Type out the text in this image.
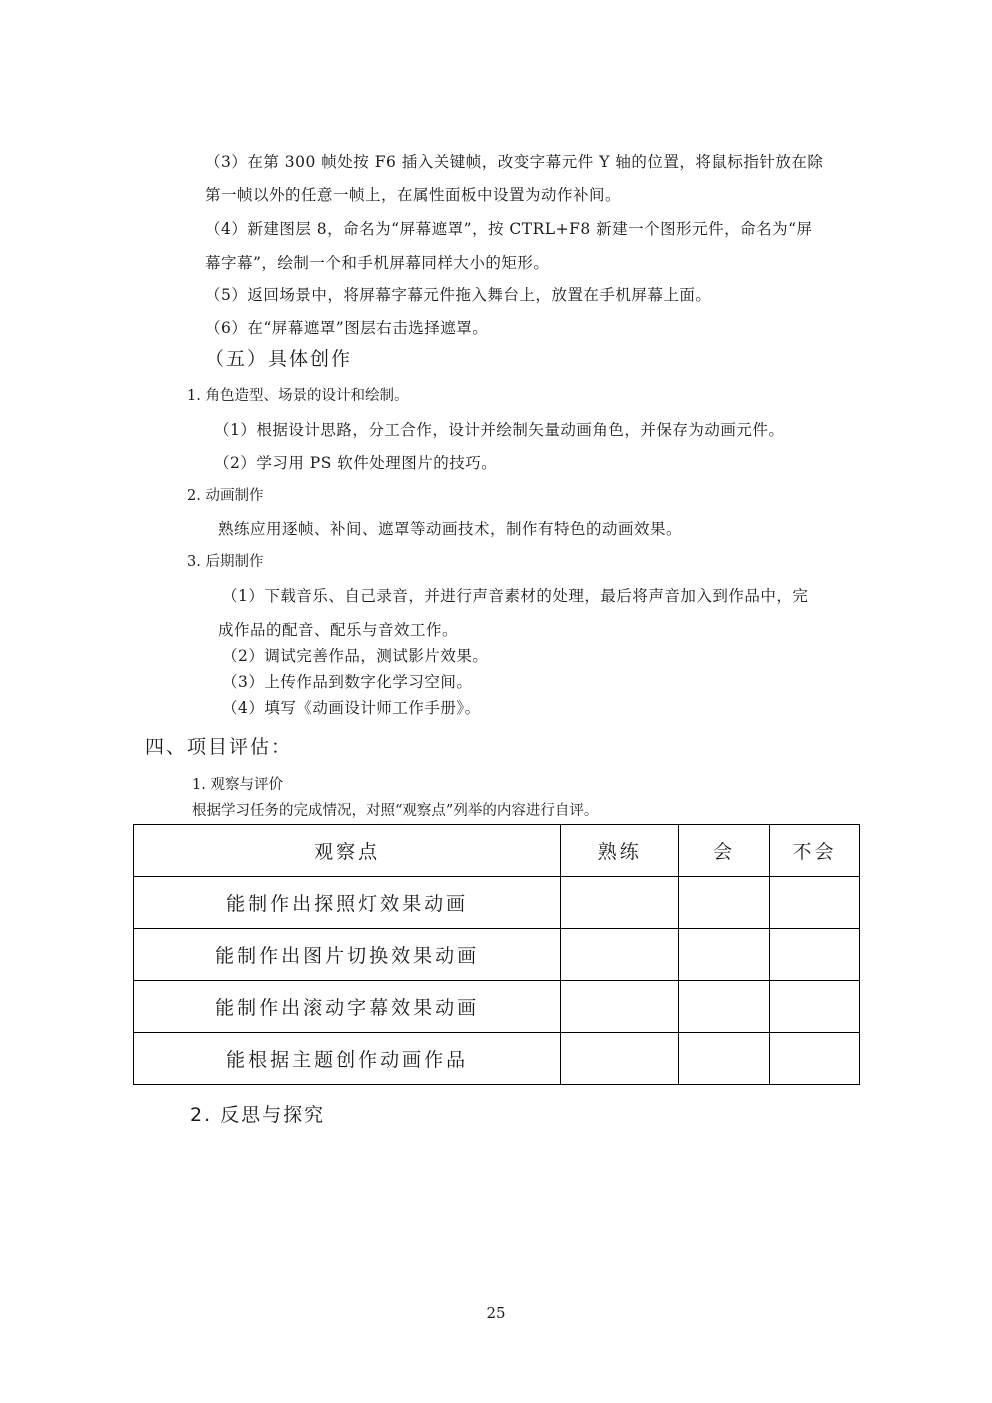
（3）在第 300 帧处按 F6 插入关键帧，改变字幕元件 Y 轴的位置，将鼠标指针放在除
第一帧以外的任意一帧上，在属性面板中设置为动作补间。
（4）新建图层 8，命名为“屏幕遮罩”，按 CTRL+F8 新建一个图形元件，命名为“屏
幕字幕”，绘制一个和手机屏幕同样大小的矩形。
（5）返回场景中，将屏幕字幕元件拖入舞台上，放置在手机屏幕上面。
（6）在“屏幕遮罩”图层右击选择遮罩。
（五）具体创作
1. 角色造型、场景的设计和绘制。
（1）根据设计思路，分工合作，设计并绘制矢量动画角色，并保存为动画元件。
（2）学习用 PS 软件处理图片的技巧。
2. 动画制作
熟练应用逐帧、补间、遮罩等动画技术，制作有特色的动画效果。
3. 后期制作
（1）下载音乐、自己录音，并进行声音素材的处理，最后将声音加入到作品中，完
成作品的配音、配乐与音效工作。
（2）调试完善作品，测试影片效果。
（3）上传作品到数字化学习空间。
（4）填写《动画设计师工作手册》。
四、项目评估：
1. 观察与评价
根据学习任务的完成情况，对照“观察点”列举的内容进行自评。
观察点	熟练	会	不会
能制作出探照灯效果动画			
能制作出图片切换效果动画			
能制作出滚动字幕效果动画			
能根据主题创作动画作品			
2. 反思与探究
25
